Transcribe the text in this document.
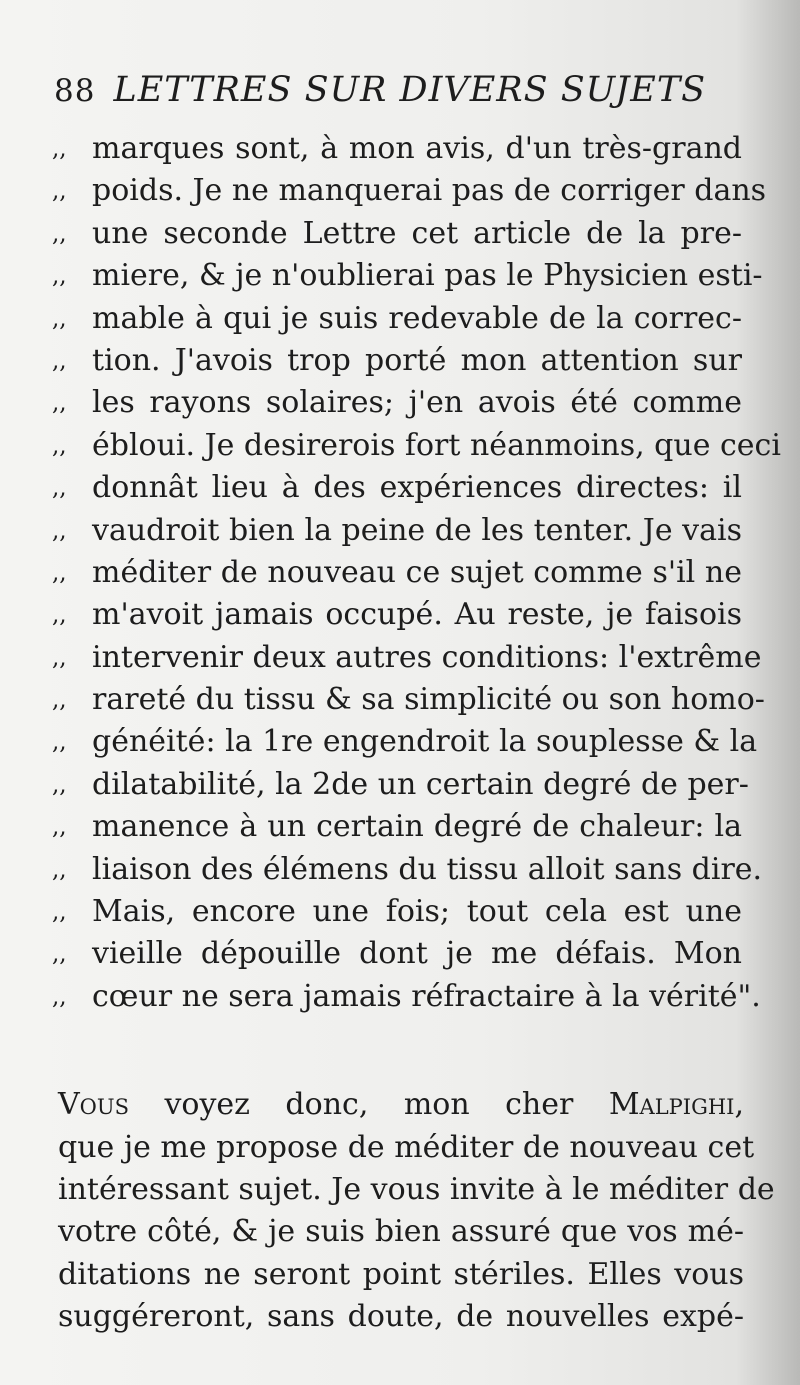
88 LETTRES SUR DIVERS SUJETS
,, marques sont, à mon avis, d'un très-grand
,, poids. Je ne manquerai pas de corriger dans
,, une seconde Lettre cet article de la pre-
,, miere, & je n'oublierai pas le Physicien esti-
,, mable à qui je suis redevable de la correc-
,, tion. J'avois trop porté mon attention sur
,, les rayons solaires; j'en avois été comme
,, ébloui. Je desirerois fort néanmoins, que ceci
,, donnât lieu à des expériences directes: il
,, vaudroit bien la peine de les tenter. Je vais
,, méditer de nouveau ce sujet comme s'il ne
,, m'avoit jamais occupé. Au reste, je faisois
,, intervenir deux autres conditions: l'extrême
,, rareté du tissu & sa simplicité ou son homo-
,, généité: la 1re engendroit la souplesse & la
,, dilatabilité, la 2de un certain degré de per-
,, manence à un certain degré de chaleur: la
,, liaison des élémens du tissu alloit sans dire.
,, Mais, encore une fois; tout cela est une
,, vieille dépouille dont je me défais. Mon
,, cœur ne sera jamais réfractaire à la vérité".
Vous voyez donc, mon cher Malpighi,
que je me propose de méditer de nouveau cet
intéressant sujet. Je vous invite à le méditer de
votre côté, & je suis bien assuré que vos mé-
ditations ne seront point stériles. Elles vous
suggéreront, sans doute, de nouvelles expé-
